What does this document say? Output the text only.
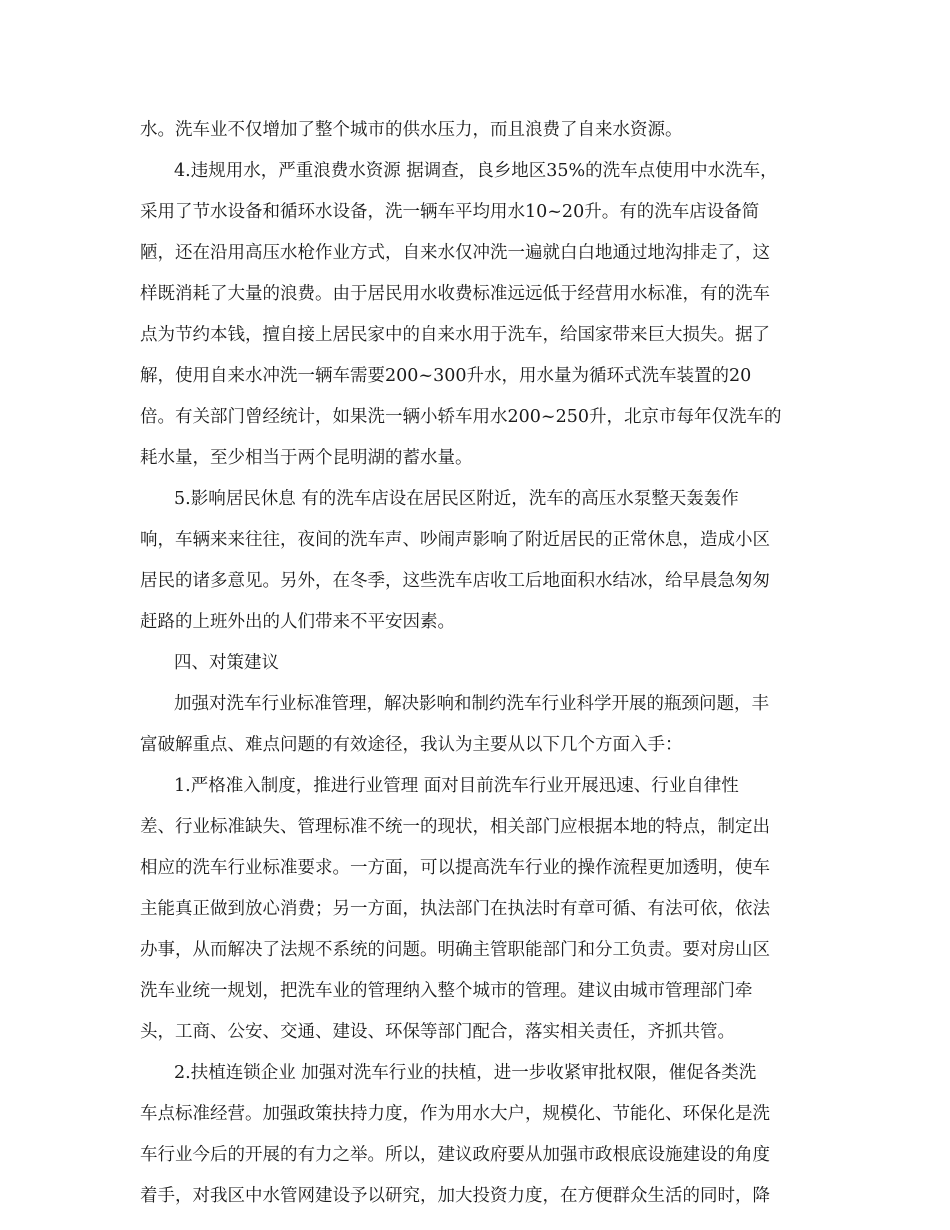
水。洗车业不仅增加了整个城市的供水压力，而且浪费了自来水资源。
4.违规用水，严重浪费水资源 据调查，良乡地区35%的洗车点使用中水洗车，
采用了节水设备和循环水设备，洗一辆车平均用水10~20升。有的洗车店设备简
陋，还在沿用高压水枪作业方式，自来水仅冲洗一遍就白白地通过地沟排走了，这
样既消耗了大量的浪费。由于居民用水收费标准远远低于经营用水标准，有的洗车
点为节约本钱，擅自接上居民家中的自来水用于洗车，给国家带来巨大损失。据了
解，使用自来水冲洗一辆车需要200~300升水，用水量为循环式洗车装置的20
倍。有关部门曾经统计，如果洗一辆小轿车用水200~250升，北京市每年仅洗车的
耗水量，至少相当于两个昆明湖的蓄水量。
5.影响居民休息 有的洗车店设在居民区附近，洗车的高压水泵整天轰轰作
响，车辆来来往往，夜间的洗车声、吵闹声影响了附近居民的正常休息，造成小区
居民的诸多意见。另外，在冬季，这些洗车店收工后地面积水结冰，给早晨急匆匆
赶路的上班外出的人们带来不平安因素。
四、对策建议
加强对洗车行业标准管理，解决影响和制约洗车行业科学开展的瓶颈问题，丰
富破解重点、难点问题的有效途径，我认为主要从以下几个方面入手：
1.严格准入制度，推进行业管理 面对目前洗车行业开展迅速、行业自律性
差、行业标准缺失、管理标准不统一的现状，相关部门应根据本地的特点，制定出
相应的洗车行业标准要求。一方面，可以提高洗车行业的操作流程更加透明，使车
主能真正做到放心消费；另一方面，执法部门在执法时有章可循、有法可依，依法
办事，从而解决了法规不系统的问题。明确主管职能部门和分工负责。要对房山区
洗车业统一规划，把洗车业的管理纳入整个城市的管理。建议由城市管理部门牵
头，工商、公安、交通、建设、环保等部门配合，落实相关责任，齐抓共管。
2.扶植连锁企业 加强对洗车行业的扶植，进一步收紧审批权限，催促各类洗
车点标准经营。加强政策扶持力度，作为用水大户，规模化、节能化、环保化是洗
车行业今后的开展的有力之举。所以，建议政府要从加强市政根底设施建设的角度
着手，对我区中水管网建设予以研究，加大投资力度，在方便群众生活的同时，降
